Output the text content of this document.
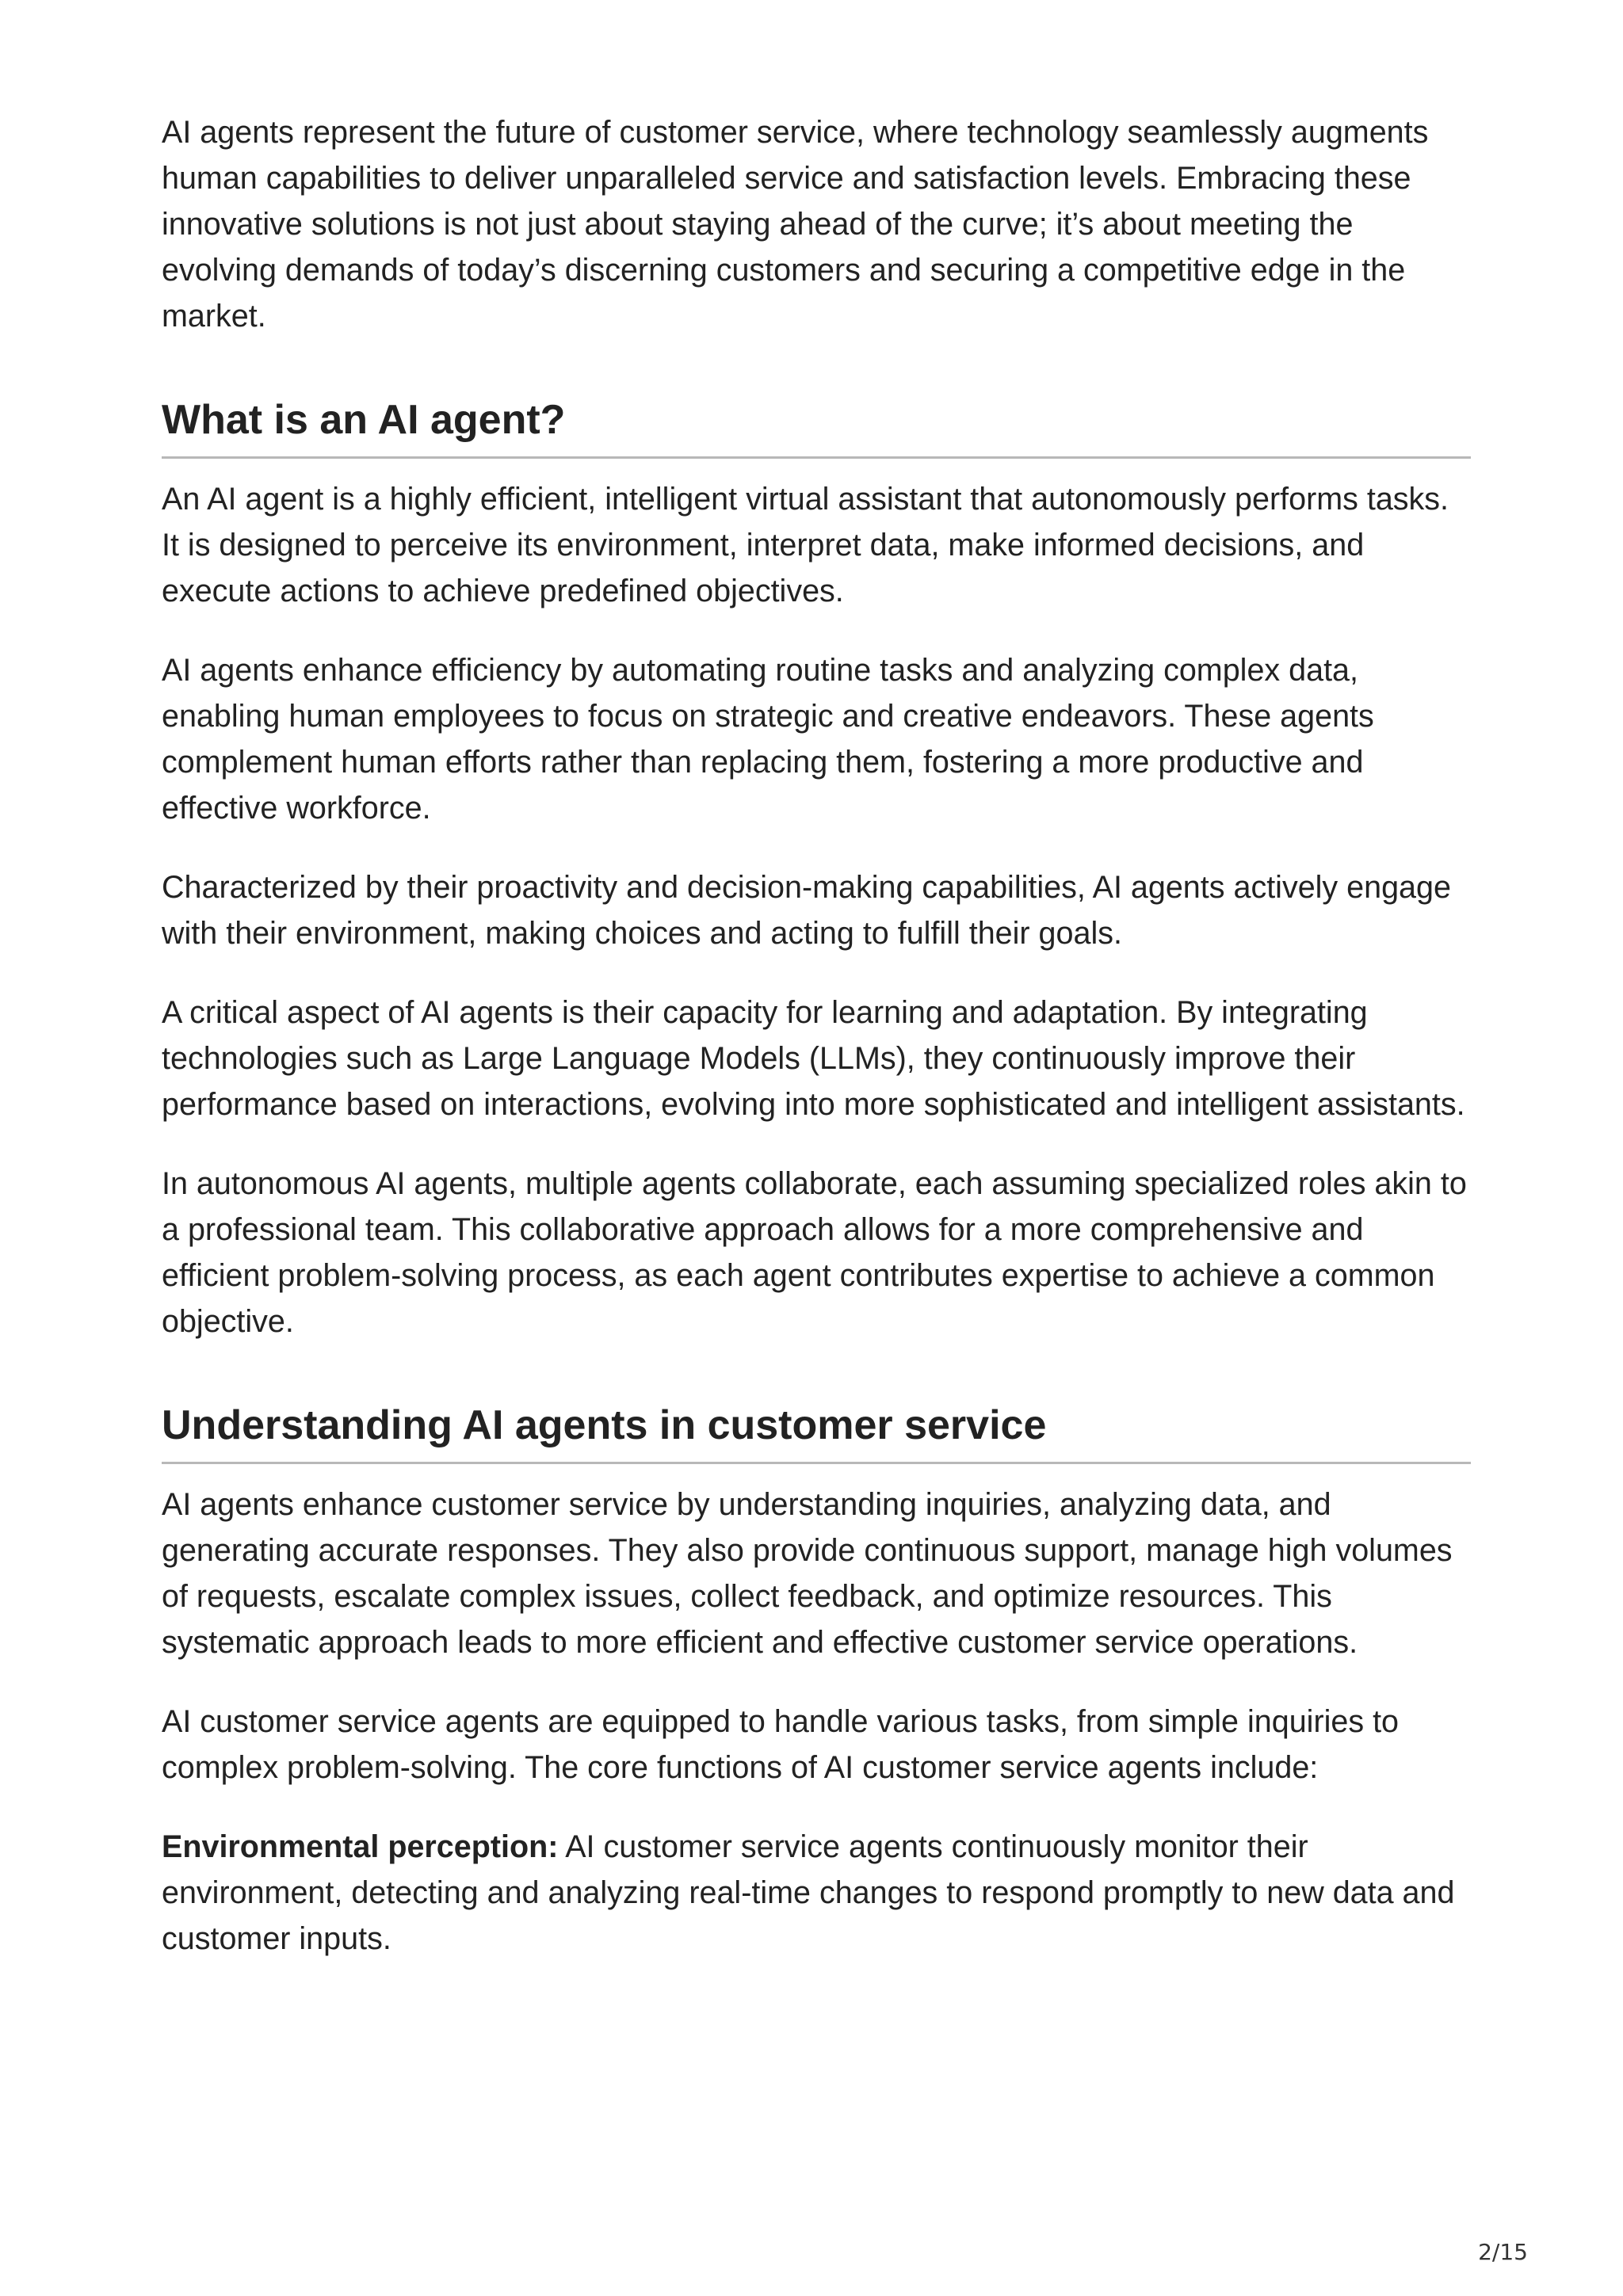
AI agents represent the future of customer service, where technology seamlessly augments human capabilities to deliver unparalleled service and satisfaction levels. Embracing these innovative solutions is not just about staying ahead of the curve; it’s about meeting the evolving demands of today’s discerning customers and securing a competitive edge in the market.

What is an AI agent?

An AI agent is a highly efficient, intelligent virtual assistant that autonomously performs tasks. It is designed to perceive its environment, interpret data, make informed decisions, and execute actions to achieve predefined objectives.

AI agents enhance efficiency by automating routine tasks and analyzing complex data, enabling human employees to focus on strategic and creative endeavors. These agents complement human efforts rather than replacing them, fostering a more productive and effective workforce.

Characterized by their proactivity and decision-making capabilities, AI agents actively engage with their environment, making choices and acting to fulfill their goals.

A critical aspect of AI agents is their capacity for learning and adaptation. By integrating technologies such as Large Language Models (LLMs), they continuously improve their performance based on interactions, evolving into more sophisticated and intelligent assistants.

In autonomous AI agents, multiple agents collaborate, each assuming specialized roles akin to a professional team. This collaborative approach allows for a more comprehensive and efficient problem-solving process, as each agent contributes expertise to achieve a common objective.

Understanding AI agents in customer service

AI agents enhance customer service by understanding inquiries, analyzing data, and generating accurate responses. They also provide continuous support, manage high volumes of requests, escalate complex issues, collect feedback, and optimize resources. This systematic approach leads to more efficient and effective customer service operations.

AI customer service agents are equipped to handle various tasks, from simple inquiries to complex problem-solving. The core functions of AI customer service agents include:

Environmental perception: AI customer service agents continuously monitor their environment, detecting and analyzing real-time changes to respond promptly to new data and customer inputs.

2/15
